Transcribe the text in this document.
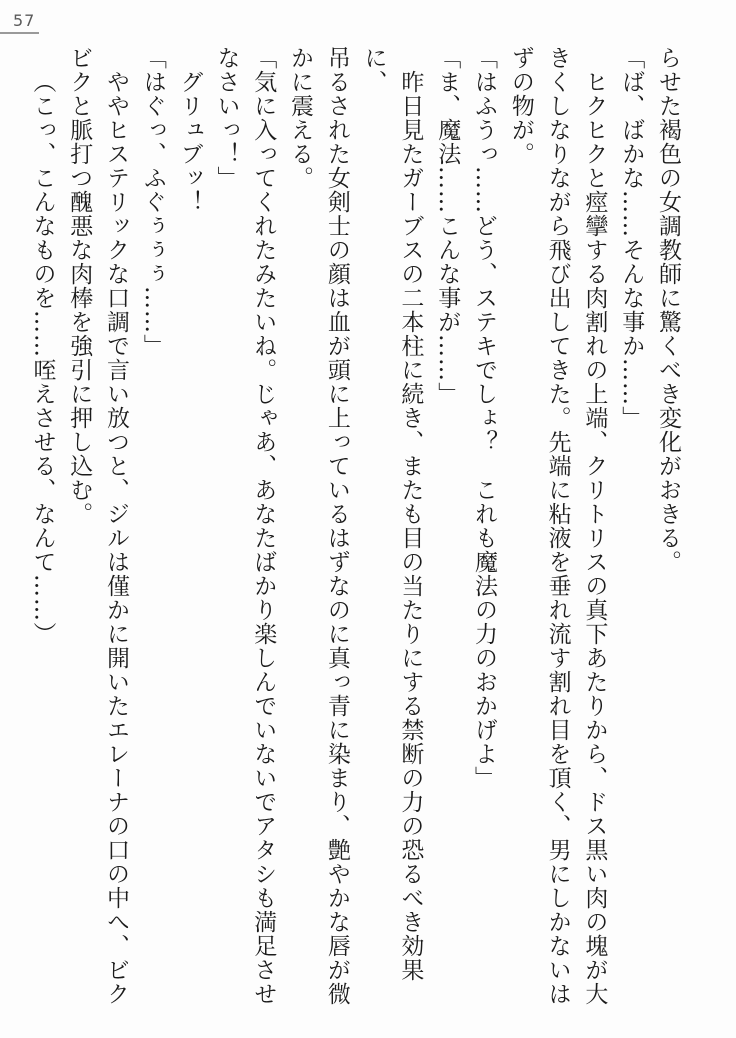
57

らせた褐色の女調教師に驚くべき変化がおきる。

「ば、ばかな……そんな事か……」

ヒクヒクと痙攣する肉割れの上端、クリトリスの真下あたりから、ドス黒い肉の塊が大

きくしなりながら飛び出してきた。先端に粘液を垂れ流す割れ目を頂く、男にしかないは

ずの物が。

「はふうっ……どう、ステキでしょ？　これも魔法の力のおかげよ」

「ま、魔法……こんな事が……」

昨日見たガーブスの二本柱に続き、またも目の当たりにする禁断の力の恐るべき効果に、

吊るされた女剣士の顔は血が頭に上っているはずなのに真っ青に染まり、艶やかな唇が微

かに震える。

「気に入ってくれたみたいね。じゃあ、あなたばかり楽しんでいないでアタシも満足させ

なさいっ！」

グリュブッ！

「はぐっ、ふぐぅぅぅ……」

ややヒステリックな口調で言い放つと、ジルは僅かに開いたエレーナの口の中へ、ビク

ビクと脈打つ醜悪な肉棒を強引に押し込む。

（こっ、こんなものを……咥えさせる、なんて……）
